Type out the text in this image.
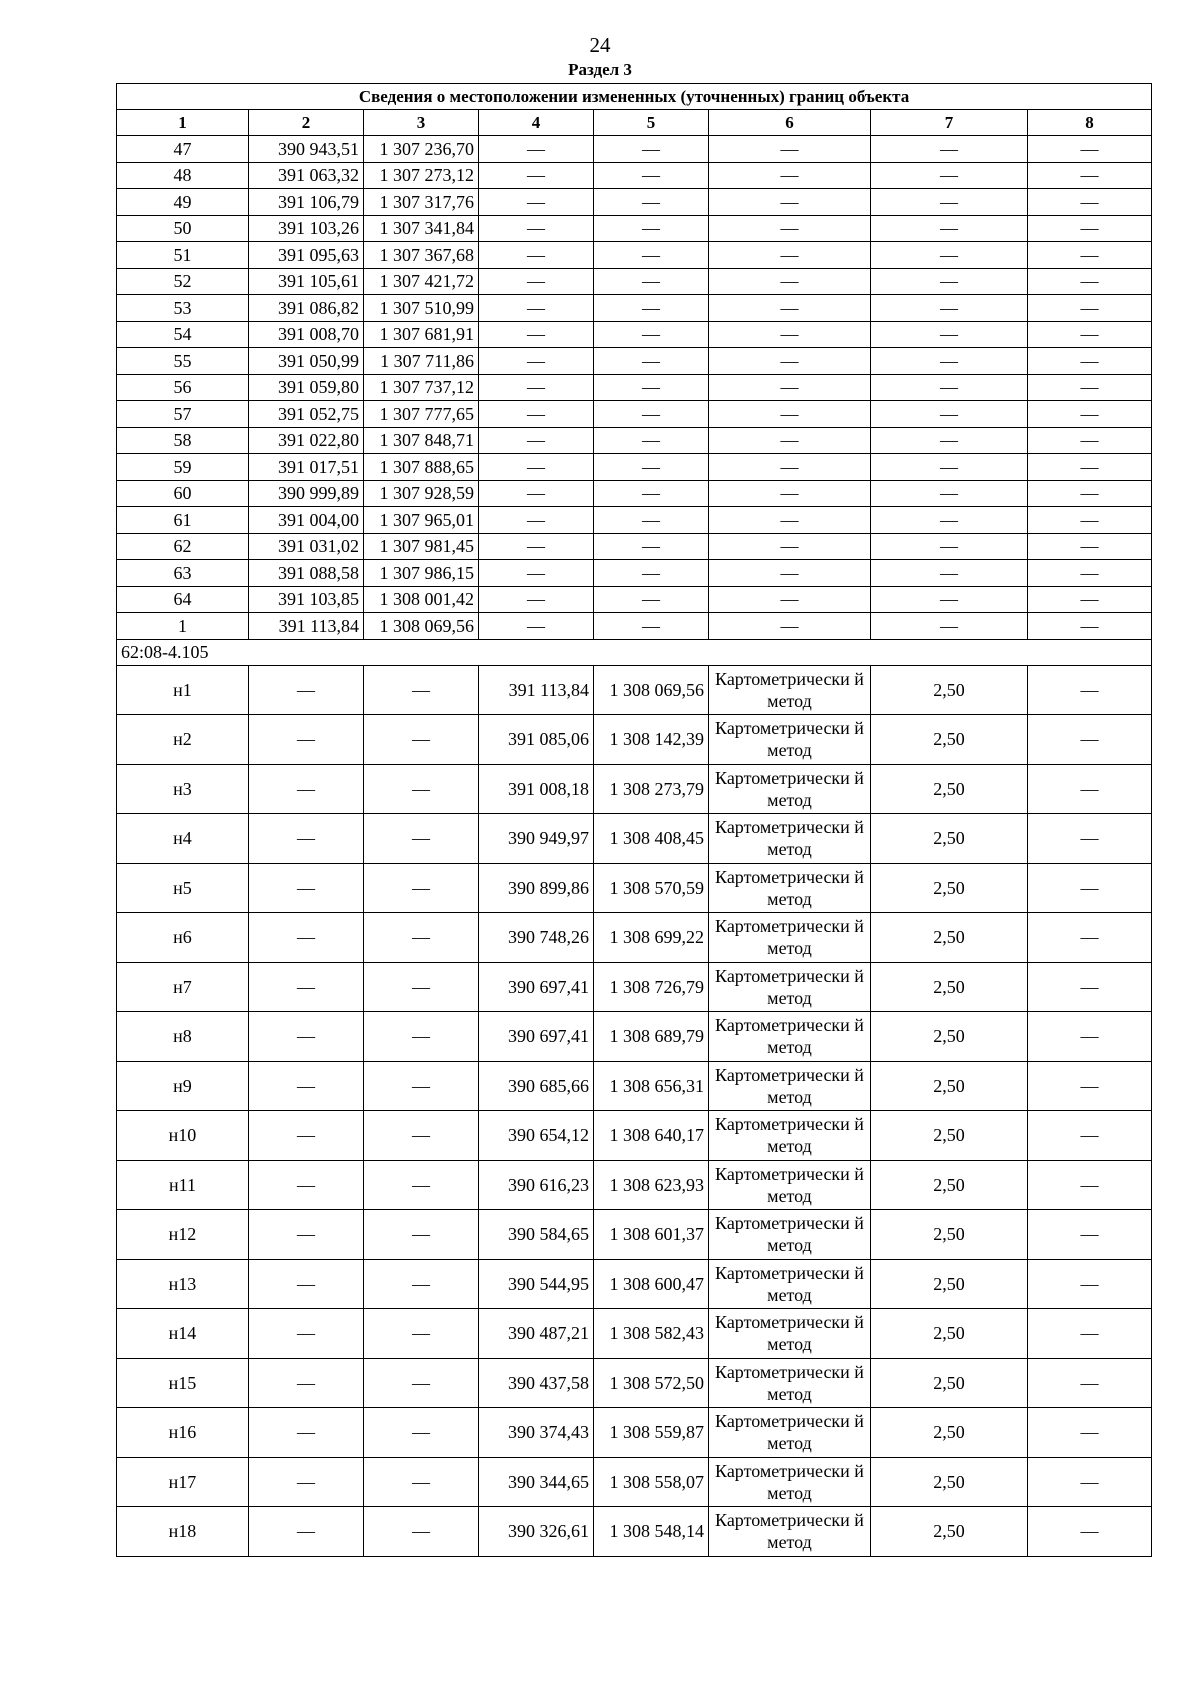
24
Раздел 3
Сведения о местоположении измененных (уточненных) границ объекта							
1	2	3	4	5	6	7	8
47	390 943,51	1 307 236,70	—	—	—	—	—
48	391 063,32	1 307 273,12	—	—	—	—	—
49	391 106,79	1 307 317,76	—	—	—	—	—
50	391 103,26	1 307 341,84	—	—	—	—	—
51	391 095,63	1 307 367,68	—	—	—	—	—
52	391 105,61	1 307 421,72	—	—	—	—	—
53	391 086,82	1 307 510,99	—	—	—	—	—
54	391 008,70	1 307 681,91	—	—	—	—	—
55	391 050,99	1 307 711,86	—	—	—	—	—
56	391 059,80	1 307 737,12	—	—	—	—	—
57	391 052,75	1 307 777,65	—	—	—	—	—
58	391 022,80	1 307 848,71	—	—	—	—	—
59	391 017,51	1 307 888,65	—	—	—	—	—
60	390 999,89	1 307 928,59	—	—	—	—	—
61	391 004,00	1 307 965,01	—	—	—	—	—
62	391 031,02	1 307 981,45	—	—	—	—	—
63	391 088,58	1 307 986,15	—	—	—	—	—
64	391 103,85	1 308 001,42	—	—	—	—	—
1	391 113,84	1 308 069,56	—	—	—	—	—
62:08-4.105							
н1	—	—	391 113,84	1 308 069,56	Картометрически й метод	2,50	—
н2	—	—	391 085,06	1 308 142,39	Картометрически й метод	2,50	—
н3	—	—	391 008,18	1 308 273,79	Картометрически й метод	2,50	—
н4	—	—	390 949,97	1 308 408,45	Картометрически й метод	2,50	—
н5	—	—	390 899,86	1 308 570,59	Картометрически й метод	2,50	—
н6	—	—	390 748,26	1 308 699,22	Картометрически й метод	2,50	—
н7	—	—	390 697,41	1 308 726,79	Картометрически й метод	2,50	—
н8	—	—	390 697,41	1 308 689,79	Картометрически й метод	2,50	—
н9	—	—	390 685,66	1 308 656,31	Картометрически й метод	2,50	—
н10	—	—	390 654,12	1 308 640,17	Картометрически й метод	2,50	—
н11	—	—	390 616,23	1 308 623,93	Картометрически й метод	2,50	—
н12	—	—	390 584,65	1 308 601,37	Картометрически й метод	2,50	—
н13	—	—	390 544,95	1 308 600,47	Картометрически й метод	2,50	—
н14	—	—	390 487,21	1 308 582,43	Картометрически й метод	2,50	—
н15	—	—	390 437,58	1 308 572,50	Картометрически й метод	2,50	—
н16	—	—	390 374,43	1 308 559,87	Картометрически й метод	2,50	—
н17	—	—	390 344,65	1 308 558,07	Картометрически й метод	2,50	—
н18	—	—	390 326,61	1 308 548,14	Картометрически й метод	2,50	—
